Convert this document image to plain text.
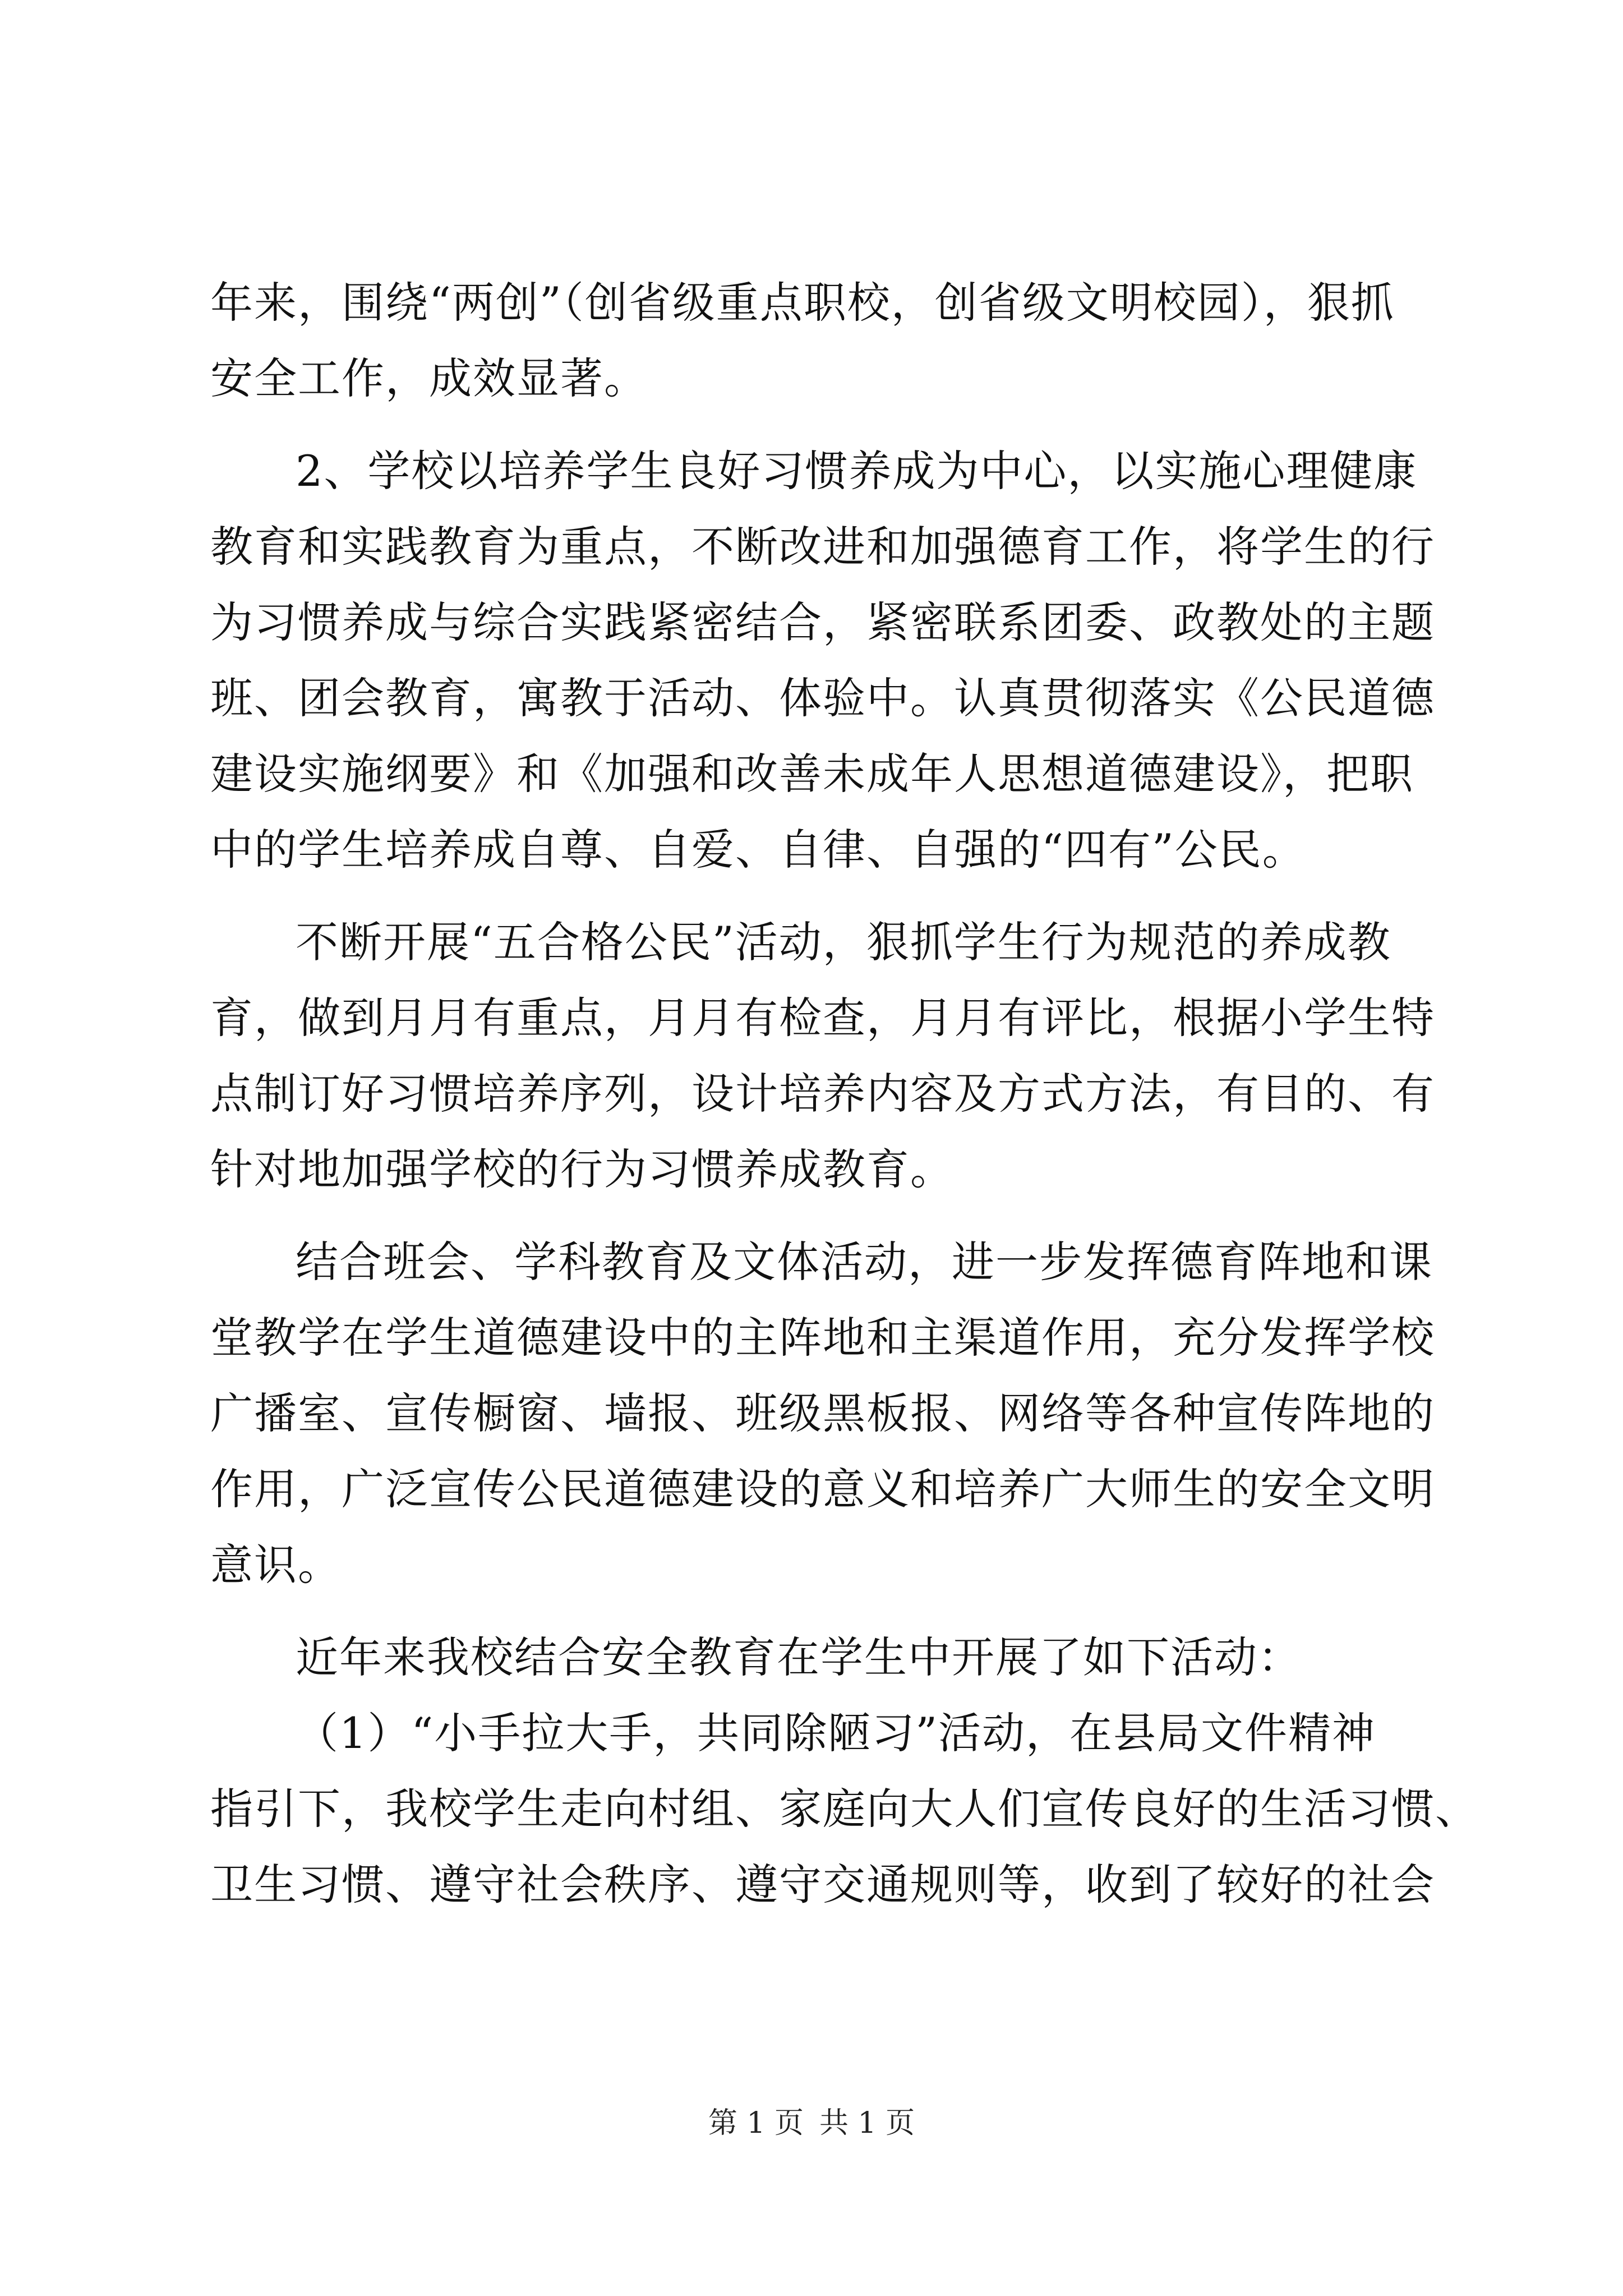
年来，围绕“两创”（创省级重点职校，创省级文明校园），狠抓
安全工作，成效显著。
2、学校以培养学生良好习惯养成为中心，以实施心理健康
教育和实践教育为重点，不断改进和加强德育工作，将学生的行
为习惯养成与综合实践紧密结合，紧密联系团委、政教处的主题
班、团会教育，寓教于活动、体验中。认真贯彻落实《公民道德
建设实施纲要》和《加强和改善未成年人思想道德建设》，把职
中的学生培养成自尊、自爱、自律、自强的“四有”公民。
不断开展“五合格公民”活动，狠抓学生行为规范的养成教
育，做到月月有重点，月月有检查，月月有评比，根据小学生特
点制订好习惯培养序列，设计培养内容及方式方法，有目的、有
针对地加强学校的行为习惯养成教育。
结合班会、学科教育及文体活动，进一步发挥德育阵地和课
堂教学在学生道德建设中的主阵地和主渠道作用，充分发挥学校
广播室、宣传橱窗、墙报、班级黑板报、网络等各种宣传阵地的
作用，广泛宣传公民道德建设的意义和培养广大师生的安全文明
意识。
近年来我校结合安全教育在学生中开展了如下活动：
（1）“小手拉大手，共同除陋习”活动，在县局文件精神
指引下，我校学生走向村组、家庭向大人们宣传良好的生活习惯、
卫生习惯、遵守社会秩序、遵守交通规则等，收到了较好的社会
第 1 页 共 1 页
